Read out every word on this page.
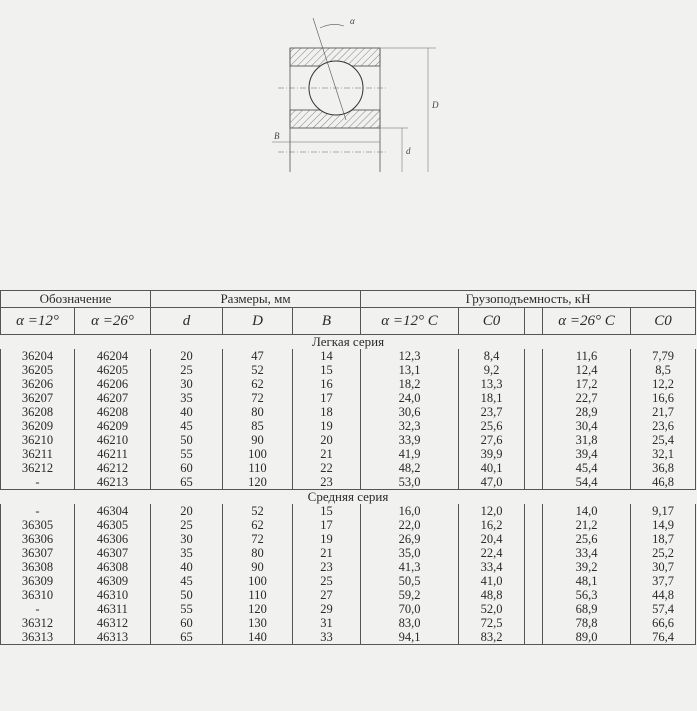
α
D
d
B
Обозначение		Размеры, мм			Грузоподъемность, кН				
α =12°	α =26°	d	D	B	α =12° C	C0		α =26° C	C0
Легкая серия									
36204	46204	20	47	14	12,3	8,4		11,6	7,79
36205	46205	25	52	15	13,1	9,2		12,4	8,5
36206	46206	30	62	16	18,2	13,3		17,2	12,2
36207	46207	35	72	17	24,0	18,1		22,7	16,6
36208	46208	40	80	18	30,6	23,7		28,9	21,7
36209	46209	45	85	19	32,3	25,6		30,4	23,6
36210	46210	50	90	20	33,9	27,6		31,8	25,4
36211	46211	55	100	21	41,9	39,9		39,4	32,1
36212	46212	60	110	22	48,2	40,1		45,4	36,8
-	46213	65	120	23	53,0	47,0		54,4	46,8
Средняя серия									
-	46304	20	52	15	16,0	12,0		14,0	9,17
36305	46305	25	62	17	22,0	16,2		21,2	14,9
36306	46306	30	72	19	26,9	20,4		25,6	18,7
36307	46307	35	80	21	35,0	22,4		33,4	25,2
36308	46308	40	90	23	41,3	33,4		39,2	30,7
36309	46309	45	100	25	50,5	41,0		48,1	37,7
36310	46310	50	110	27	59,2	48,8		56,3	44,8
-	46311	55	120	29	70,0	52,0		68,9	57,4
36312	46312	60	130	31	83,0	72,5		78,8	66,6
36313	46313	65	140	33	94,1	83,2		89,0	76,4
